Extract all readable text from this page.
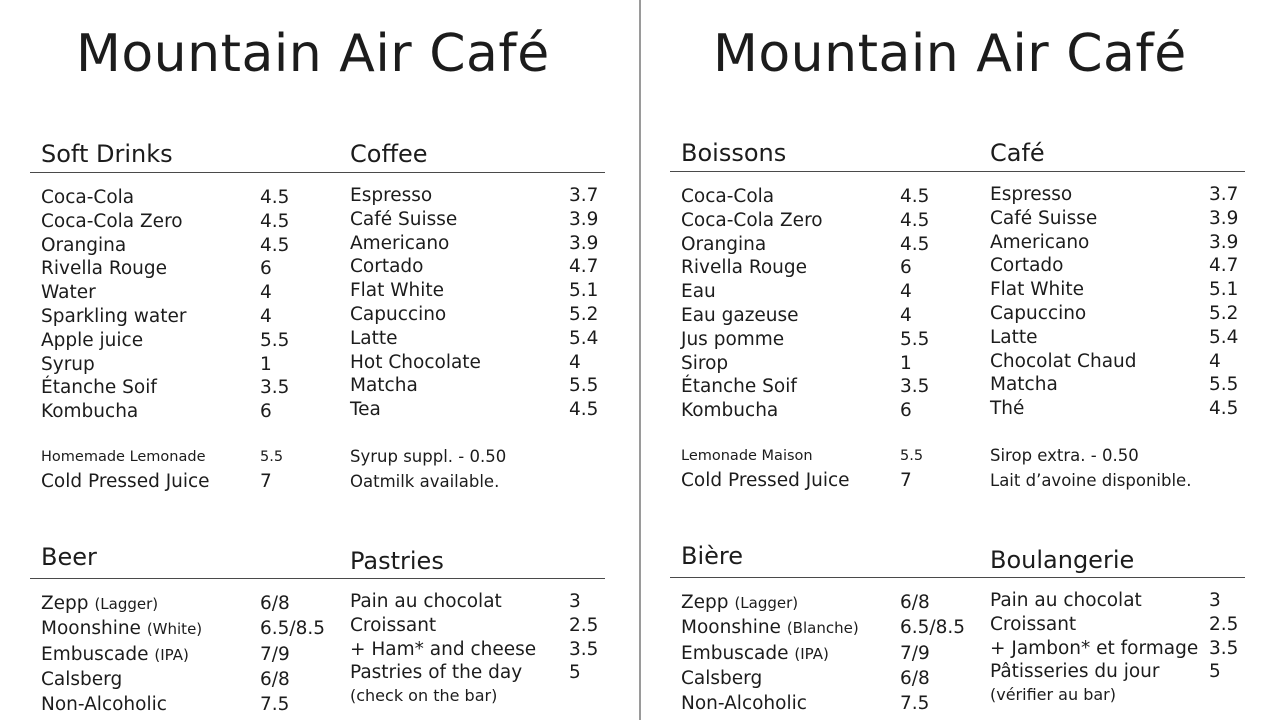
Mountain Air Café
Soft Drinks	Coffee
Beer	Pastries
Coca-Cola	4.5
Coca-Cola Zero	4.5
Orangina	4.5
Rivella Rouge	6
Water	4
Sparkling water	4
Apple juice	5.5
Syrup	1
Étanche Soif	3.5
Kombucha	6
Homemade Lemonade	5.5
Cold Pressed Juice	7
Espresso	3.7
Café Suisse	3.9
Americano	3.9
Cortado	4.7
Flat White	5.1
Capuccino	5.2
Latte	5.4
Hot Chocolate	4
Matcha	5.5
Tea	4.5
Syrup suppl. - 0.50
Oatmilk available.
Zepp (Lagger)	6/8
Moonshine (White)	6.5/8.5
Embuscade (IPA)	7/9
Calsberg	6/8
Non-Alcoholic	7.5
Pain au chocolat	3
Croissant	2.5
+ Ham* and cheese 3.5
Pastries of the day	5
(check on the bar)
Mountain Air Café
Boissons	Café
Bière	Boulangerie
Coca-Cola	4.5
Coca-Cola Zero	4.5
Orangina	4.5
Rivella Rouge	6
Eau	4
Eau gazeuse	4
Jus pomme	5.5
Sirop	1
Étanche Soif	3.5
Kombucha	6
Lemonade Maison	5.5
Cold Pressed Juice	7
Espresso	3.7
Café Suisse	3.9
Americano	3.9
Cortado	4.7
Flat White	5.1
Capuccino	5.2
Latte	5.4
Chocolat Chaud	4
Matcha	5.5
Thé	4.5
Sirop extra. - 0.50
Lait d’avoine disponible.
Zepp (Lagger)	6/8
Moonshine (Blanche) 6.5/8.5
Embuscade (IPA)	7/9
Calsberg	6/8
Non-Alcoholic	7.5
Pain au chocolat	3
Croissant	2.5
+ Jambon* et formage 3.5
Pâtisseries du jour	5
(vérifier au bar)
